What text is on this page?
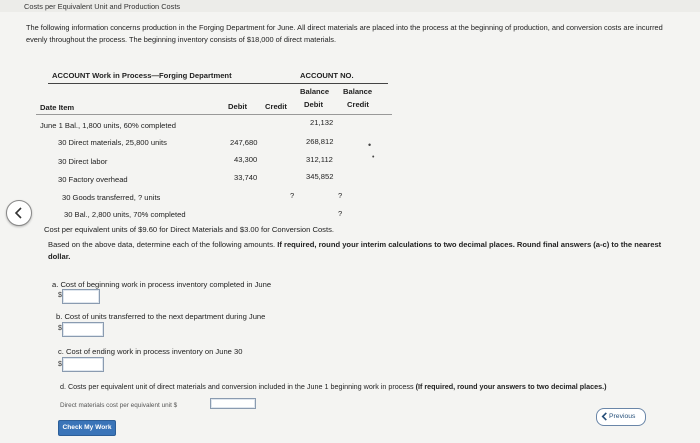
Costs per Equivalent Unit and Production Costs
The following information concerns production in the Forging Department for June. All direct materials are placed into the process at the beginning of production, and conversion costs are incurred evenly throughout the process. The beginning inventory consists of $18,000 of direct materials.
ACCOUNT Work in Process—Forging Department	ACCOUNT NO.
Balance Balance
Date Item	Debit Credit Debit	Credit
June 1 Bal., 1,800 units, 60% completed	21,132
30 Direct materials, 25,800 units	247,680	268,812
30 Direct labor	43,300	312,112
30 Factory overhead	33,740	345,852
30 Goods transferred, ? units	?	?
30 Bal., 2,800 units, 70% completed	?
•
•
Cost per equivalent units of $9.60 for Direct Materials and $3.00 for Conversion Costs.
Based on the above data, determine each of the following amounts. If required, round your interim calculations to two decimal places. Round final answers (a-c) to the nearest dollar.
a. Cost of beginning work in process inventory completed in June
$
b. Cost of units transferred to the next department during June
$
c. Cost of ending work in process inventory on June 30
$
d. Costs per equivalent unit of direct materials and conversion included in the June 1 beginning work in process (If required, round your answers to two decimal places.)
Direct materials cost per equivalent unit $
Check My Work
Previous
